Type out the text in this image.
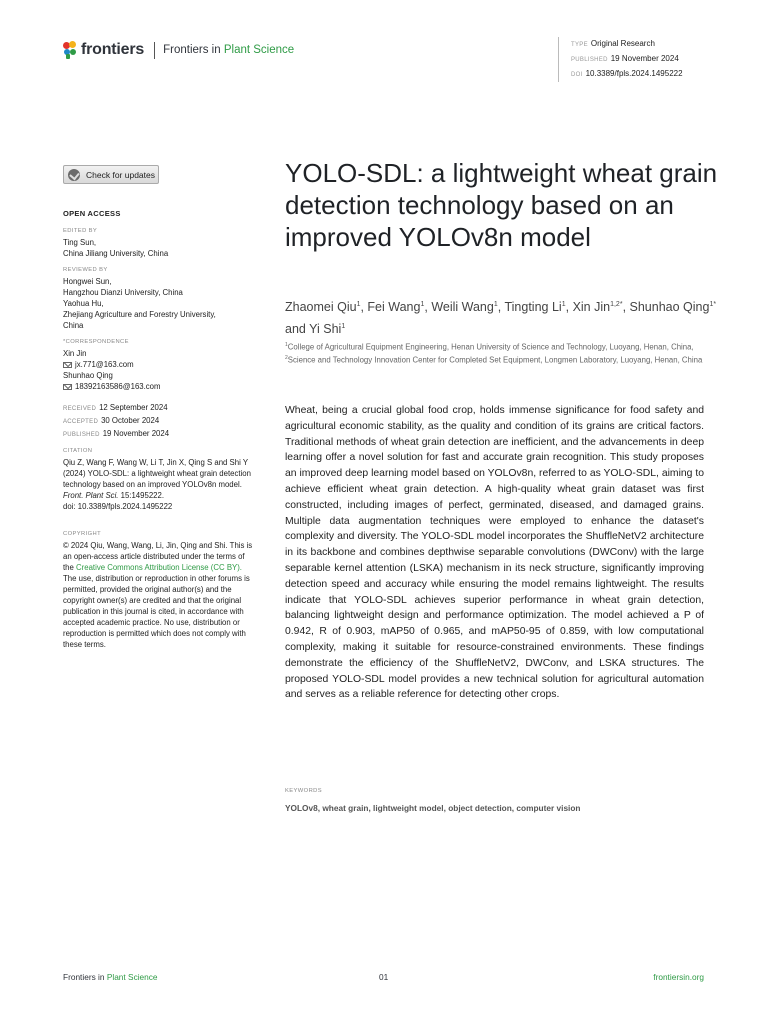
frontiers Frontiers in Plant Science	TYPE Original Research
PUBLISHED 19 November 2024
DOI 10.3389/fpls.2024.1495222
Check for updates
OPEN ACCESS
EDITED BY
Ting Sun,
China Jiliang University, China
REVIEWED BY
Hongwei Sun,
Hangzhou Dianzi University, China
Yaohua Hu,
Zhejiang Agriculture and Forestry University,
China
*CORRESPONDENCE
Xin Jin
jx.771@163.com
Shunhao Qing
18392163586@163.com
RECEIVED 12 September 2024
ACCEPTED 30 October 2024
PUBLISHED 19 November 2024
CITATION
Qiu Z, Wang F, Wang W, Li T, Jin X, Qing S and Shi Y (2024) YOLO-SDL: a lightweight wheat grain detection technology based on an improved YOLOv8n model.
Front. Plant Sci. 15:1495222.
doi: 10.3389/fpls.2024.1495222
COPYRIGHT
© 2024 Qiu, Wang, Wang, Li, Jin, Qing and Shi. This is an open-access article distributed under the terms of the Creative Commons Attribution License (CC BY). The use, distribution or reproduction in other forums is permitted, provided the original author(s) and the copyright owner(s) are credited and that the original publication in this journal is cited, in accordance with accepted academic practice. No use, distribution or reproduction is permitted which does not comply with these terms.
YOLO-SDL: a lightweight wheat grain detection technology based on an improved YOLOv8n model
Zhaomei Qiu$^1$, Fei Wang$^1$, Weili Wang$^1$, Tingting Li$^1$, Xin Jin$^{1,2*}$, Shunhao Qing$^{1*}$ and Yi Shi$^1$
$^1$College of Agricultural Equipment Engineering, Henan University of Science and Technology, Luoyang, Henan, China, $^2$Science and Technology Innovation Center for Completed Set Equipment, Longmen Laboratory, Luoyang, Henan, China
Wheat, being a crucial global food crop, holds immense significance for food safety and agricultural economic stability, as the quality and condition of its grains are critical factors. Traditional methods of wheat grain detection are inefficient, and the advancements in deep learning offer a novel solution for fast and accurate grain recognition. This study proposes an improved deep learning model based on YOLOv8n, referred to as YOLO-SDL, aiming to achieve efficient wheat grain detection. A high-quality wheat grain dataset was first constructed, including images of perfect, germinated, diseased, and damaged grains. Multiple data augmentation techniques were employed to enhance the dataset's complexity and diversity. The YOLO-SDL model incorporates the ShuffleNetV2 architecture in its backbone and combines depthwise separable convolutions (DWConv) with the large separable kernel attention (LSKA) mechanism in its neck structure, significantly improving detection speed and accuracy while ensuring the model remains lightweight. The results indicate that YOLO-SDL achieves superior performance in wheat grain detection, balancing lightweight design and performance optimization. The model achieved a P of 0.942, R of 0.903, mAP50 of 0.965, and mAP50-95 of 0.859, with low computational complexity, making it suitable for resource-constrained environments. These findings demonstrate the efficiency of the ShuffleNetV2, DWConv, and LSKA structures. The proposed YOLO-SDL model provides a new technical solution for agricultural automation and serves as a reliable reference for detecting other crops.
KEYWORDS
YOLOv8, wheat grain, lightweight model, object detection, computer vision
Frontiers in Plant Science	01	frontiersin.org
